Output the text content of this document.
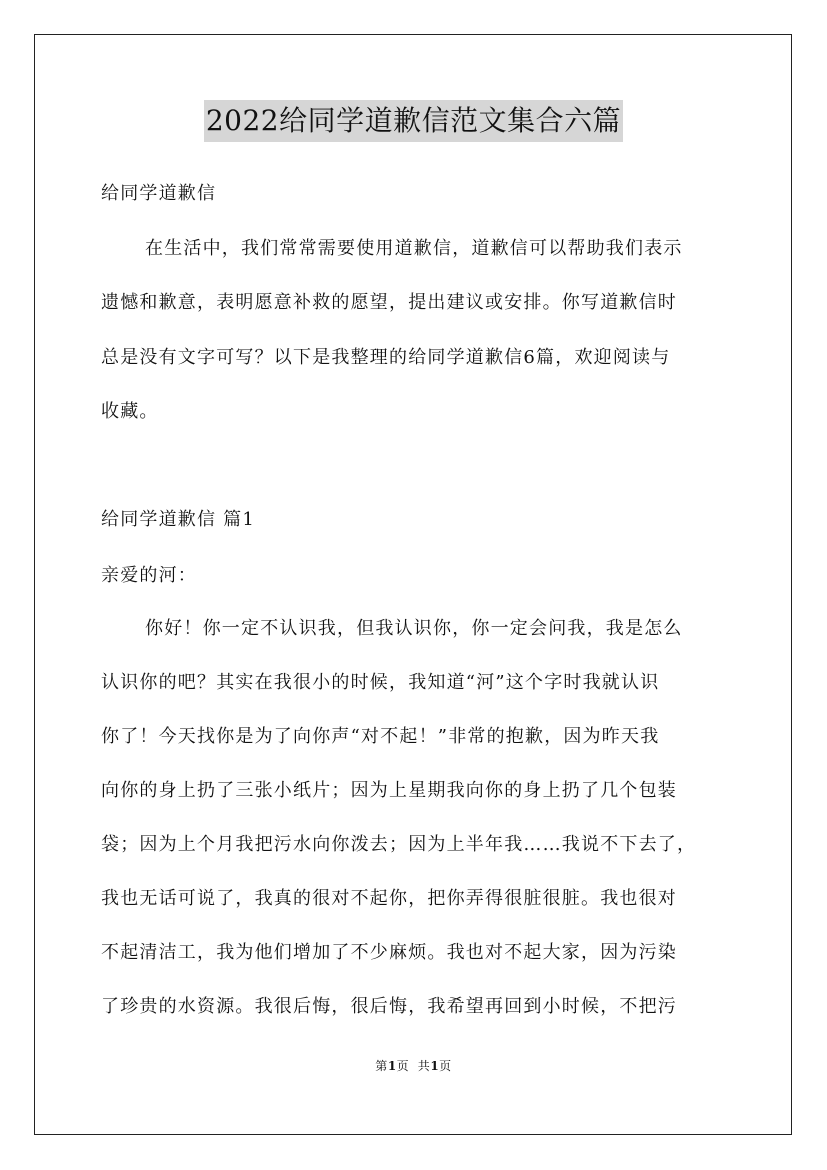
2022给同学道歉信范文集合六篇
给同学道歉信
在生活中，我们常常需要使用道歉信，道歉信可以帮助我们表示
遗憾和歉意，表明愿意补救的愿望，提出建议或安排。你写道歉信时
总是没有文字可写？以下是我整理的给同学道歉信6篇，欢迎阅读与
收藏。
给同学道歉信 篇1
亲爱的河：
你好！你一定不认识我，但我认识你，你一定会问我，我是怎么
认识你的吧？其实在我很小的时候，我知道“河”这个字时我就认识
你了！今天找你是为了向你声“对不起！”非常的抱歉，因为昨天我
向你的身上扔了三张小纸片；因为上星期我向你的身上扔了几个包装
袋；因为上个月我把污水向你泼去；因为上半年我……我说不下去了，
我也无话可说了，我真的很对不起你，把你弄得很脏很脏。我也很对
不起清洁工，我为他们增加了不少麻烦。我也对不起大家，因为污染
了珍贵的水资源。我很后悔，很后悔，我希望再回到小时候，不把污
第1页  共1页
